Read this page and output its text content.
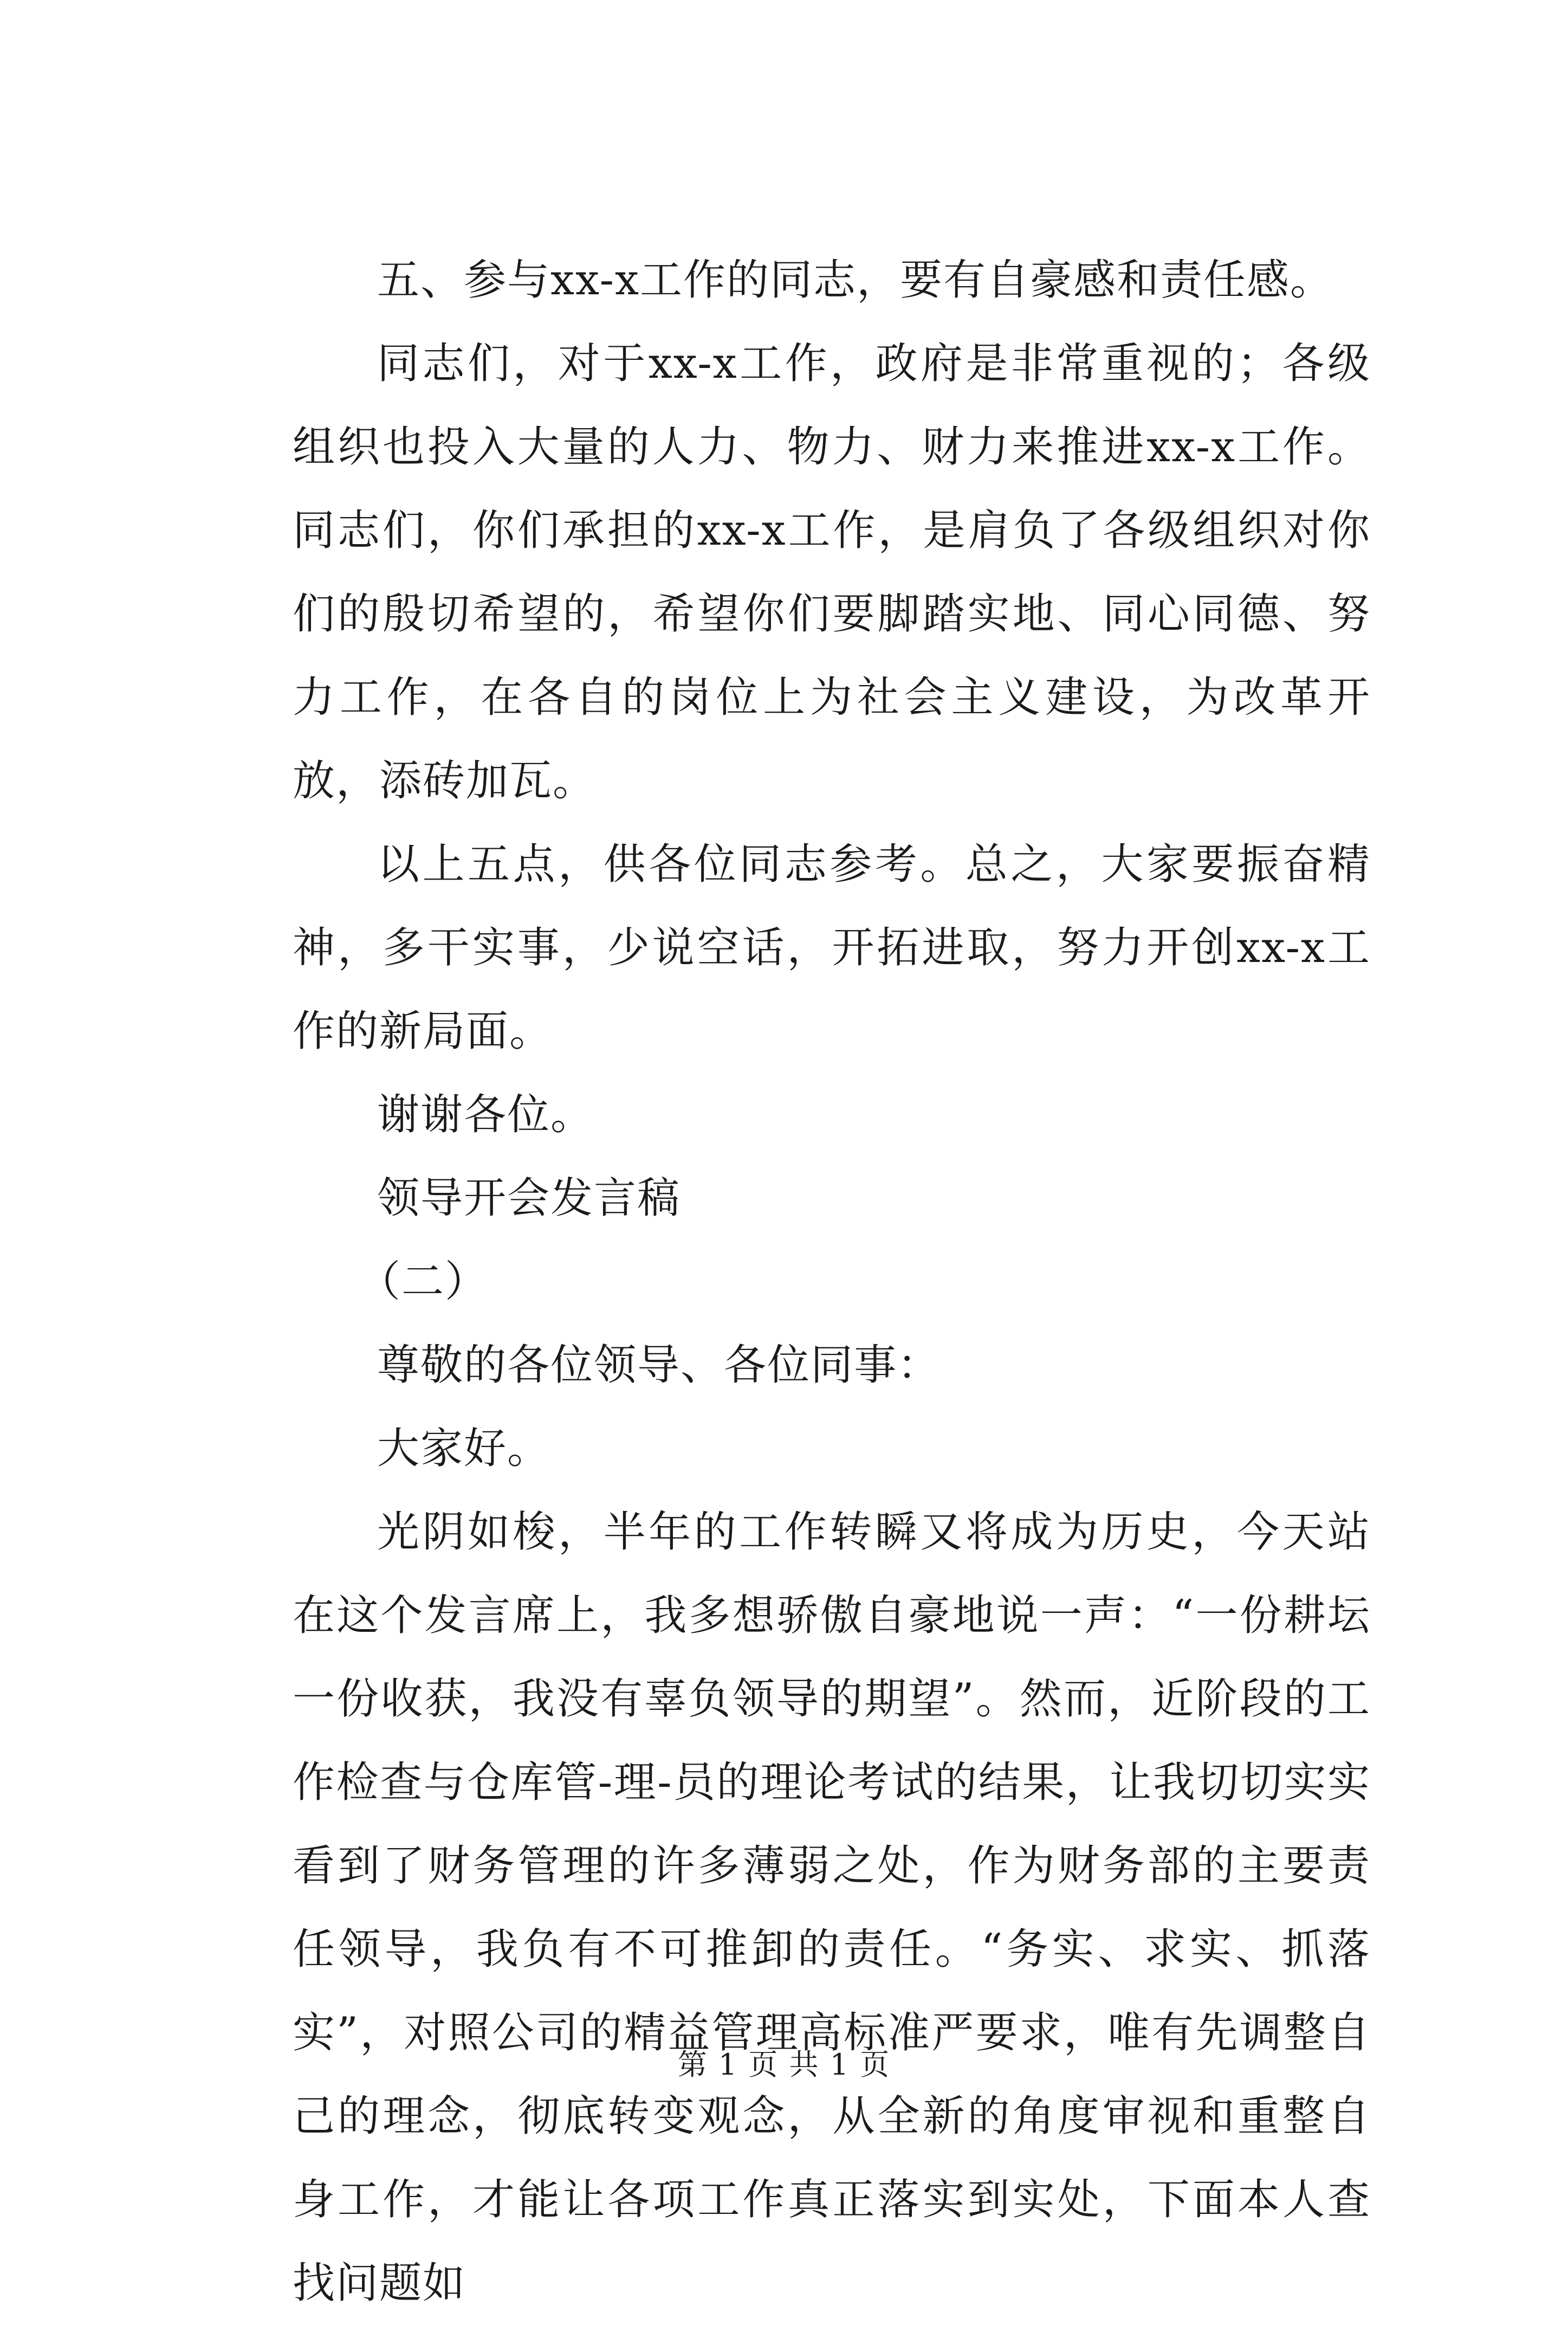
五、参与xx-x工作的同志，要有自豪感和责任感。

同志们，对于xx-x工作，政府是非常重视的；各级组织也投入大量的人力、物力、财力来推进xx-x工作。同志们，你们承担的xx-x工作，是肩负了各级组织对你们的殷切希望的，希望你们要脚踏实地、同心同德、努力工作，在各自的岗位上为社会主义建设，为改革开放，添砖加瓦。

以上五点，供各位同志参考。总之，大家要振奋精神，多干实事，少说空话，开拓进取，努力开创xx-x工作的新局面。

谢谢各位。

领导开会发言稿

（二）

尊敬的各位领导、各位同事：

大家好。

光阴如梭，半年的工作转瞬又将成为历史，今天站在这个发言席上，我多想骄傲自豪地说一声：“一份耕坛一份收获，我没有辜负领导的期望”。然而，近阶段的工作检查与仓库管-理-员的理论考试的结果，让我切切实实看到了财务管理的许多薄弱之处，作为财务部的主要责任领导，我负有不可推卸的责任。“务实、求实、抓落实”，对照公司的精益管理高标准严要求，唯有先调整自己的理念，彻底转变观念，从全新的角度审视和重整自身工作，才能让各项工作真正落实到实处，下面本人查找问题如

第 1 页 共 1 页
